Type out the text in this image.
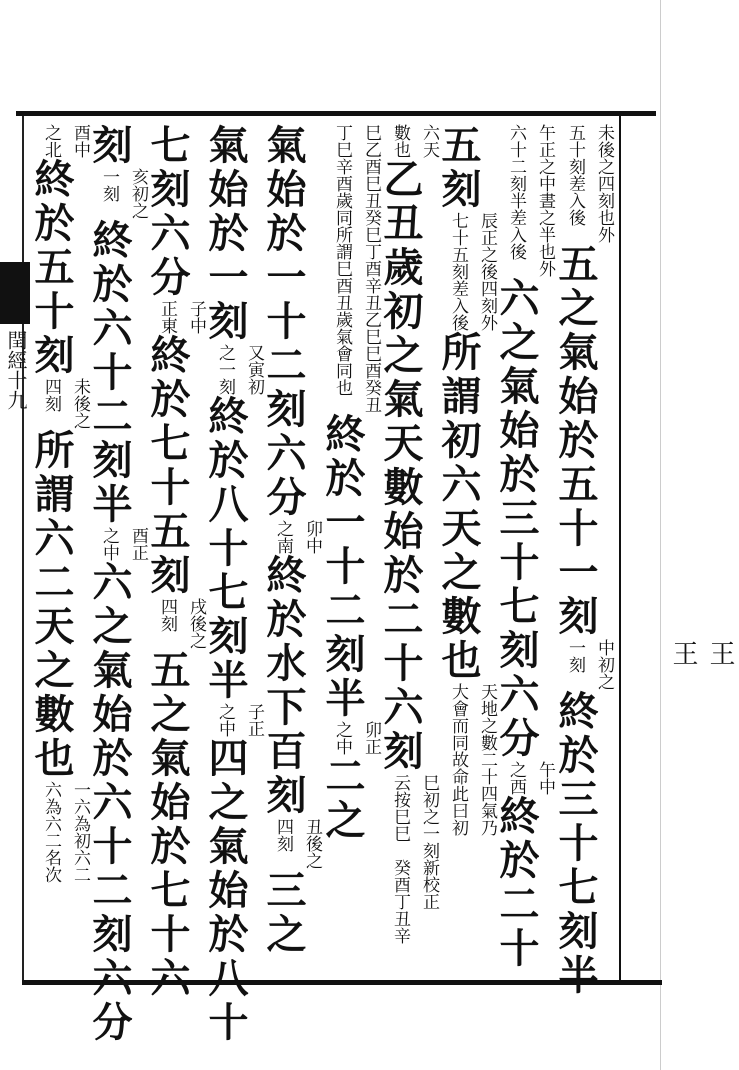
閏經十九
王王
未後之四刻也外
五十刻差入後
五之氣始於五十一刻
中初之
一刻
終於三十七刻半
午正之中晝之半也外
六十二刻半差入後
六之氣始於三十七刻六分
午中
之西
終於二十
五刻
辰正之後四刻外
七十五刻差入後
所謂初六天之數也
天地之數二十四氣乃
大會而同故命此曰初
六天
數也
乙丑歲初之氣天數始於二十六刻
巳初之一刻
云按巳巳
新校正
癸酉丁丑辛
巳乙酉巳丑癸巳丁酉辛丑乙巳巳酉癸丑
丁巳辛酉歲同所謂巳酉丑歲氣會同也
終於一十二刻半
卯正
之中
二之
氣始於一十二刻六分
卯中
之南
終於水下百刻
丑後之
四刻
三之
氣始於一刻
又寅初
之一刻
終於八十七刻半
子正
之中
四之氣始於八十
七刻六分
子中
正東
終於七十五刻
戌後之
四刻
五之氣始於七十六
刻
亥初之
一刻
終於六十二刻半
酉正
之中
六之氣始於六十二刻六分
酉中
之北
終於五十刻
未後之
四刻
所謂六二天之數也
一六為初六二
六為六二名次
